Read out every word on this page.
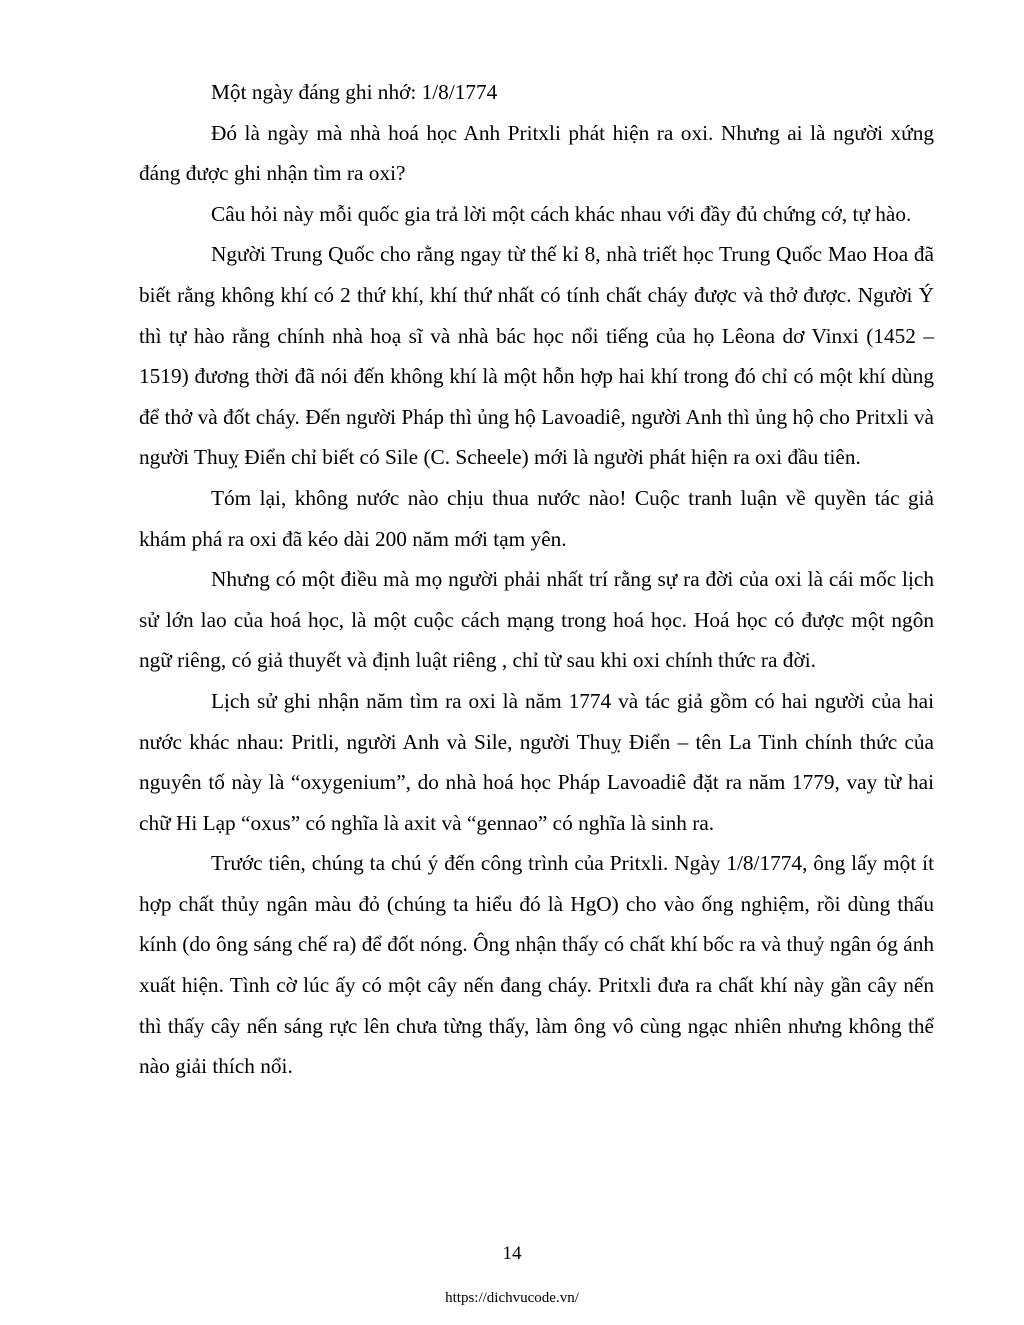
Một ngày đáng ghi nhớ: 1/8/1774

Đó là ngày mà nhà hoá học Anh Pritxli phát hiện ra oxi. Nhưng ai là người xứng đáng được ghi nhận tìm ra oxi?

Câu hỏi này mỗi quốc gia trả lời một cách khác nhau với đầy đủ chứng cớ, tự hào.

Người Trung Quốc cho rằng ngay từ thế kỉ 8, nhà triết học Trung Quốc Mao Hoa đã biết rằng không khí có 2 thứ khí, khí thứ nhất có tính chất cháy được và thở được. Người Ý thì tự hào rằng chính nhà hoạ sĩ và nhà bác học nổi tiếng của họ Lêona dơ Vinxi (1452 – 1519) đương thời đã nói đến không khí là một hỗn hợp hai khí trong đó chỉ có một khí dùng để thở và đốt cháy. Đến người Pháp thì ủng hộ Lavoadiê, người Anh thì ủng hộ cho Pritxli và người Thuỵ Điển chỉ biết có Sile (C. Scheele) mới là người phát hiện ra oxi đầu tiên.

Tóm lại, không nước nào chịu thua nước nào! Cuộc tranh luận về quyền tác giả khám phá ra oxi đã kéo dài 200 năm mới tạm yên.

Nhưng có một điều mà mọ người phải nhất trí rằng sự ra đời của oxi là cái mốc lịch sử lớn lao của hoá học, là một cuộc cách mạng trong hoá học. Hoá học có được một ngôn ngữ riêng, có giả thuyết và định luật riêng , chỉ từ sau khi oxi chính thức ra đời.

Lịch sử ghi nhận năm tìm ra oxi là năm 1774 và tác giả gồm có hai người của hai nước khác nhau: Pritli, người Anh và Sile, người Thuỵ Điển – tên La Tinh chính thức của nguyên tố này là “oxygenium”, do nhà hoá học Pháp Lavoadiê đặt ra năm 1779, vay từ hai chữ Hi Lạp “oxus” có nghĩa là axit và “gennao” có nghĩa là sinh ra.

Trước tiên, chúng ta chú ý đến công trình của Pritxli. Ngày 1/8/1774, ông lấy một ít hợp chất thủy ngân màu đỏ (chúng ta hiểu đó là HgO) cho vào ống nghiệm, rồi dùng thấu kính (do ông sáng chế ra) để đốt nóng. Ông nhận thấy có chất khí bốc ra và thuỷ ngân óg ánh xuất hiện. Tình cờ lúc ấy có một cây nến đang cháy. Pritxli đưa ra chất khí này gần cây nến thì thấy cây nến sáng rực lên chưa từng thấy, làm ông vô cùng ngạc nhiên nhưng không thể nào giải thích nổi.

14
https://dichvucode.vn/
